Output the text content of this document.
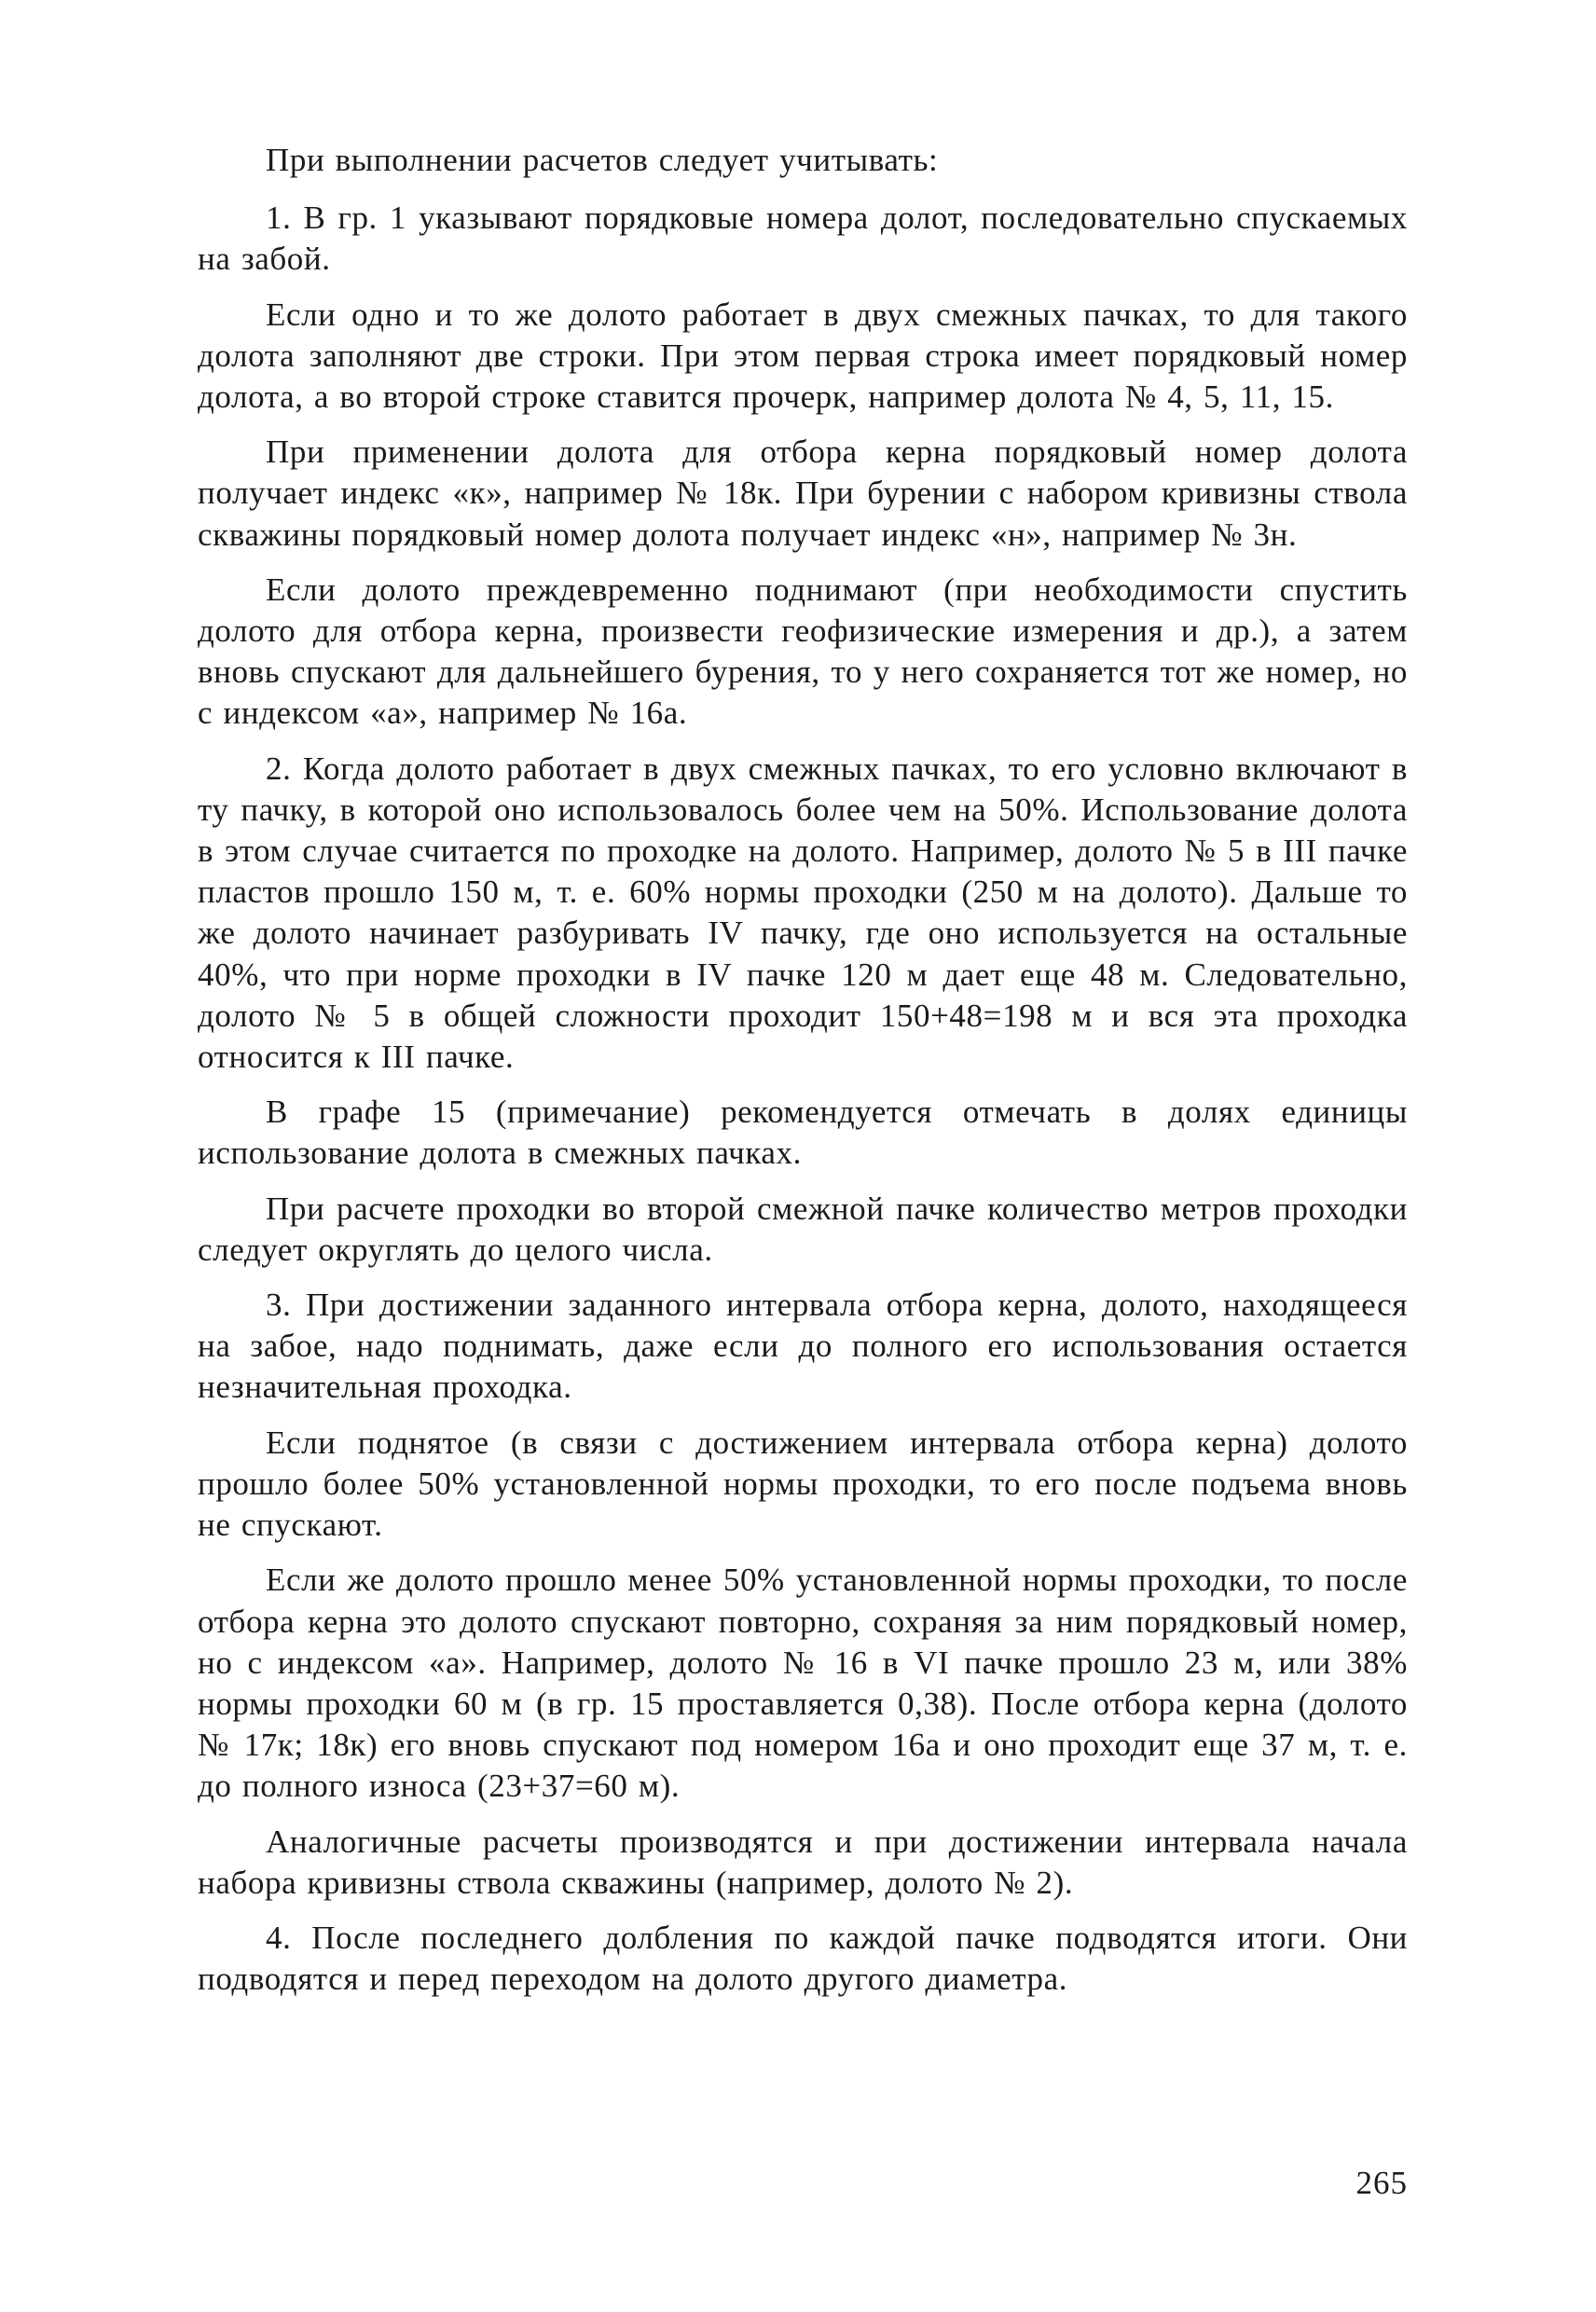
При выполнении расчетов следует учитывать:

1. В гр. 1 указывают порядковые номера долот, последовательно спускаемых на забой.

Если одно и то же долото работает в двух смежных пачках, то для такого долота заполняют две строки. При этом первая строка имеет порядковый номер долота, а во второй строке ставится прочерк, например долота № 4, 5, 11, 15.

При применении долота для отбора керна порядковый номер долота получает индекс «к», например № 18к. При бурении с набором кривизны ствола скважины порядковый номер долота получает индекс «н», например № 3н.

Если долото преждевременно поднимают (при необходимости спустить долото для отбора керна, произвести геофизические измерения и др.), а затем вновь спускают для дальнейшего бурения, то у него сохраняется тот же номер, но с индексом «а», например № 16а.

2. Когда долото работает в двух смежных пачках, то его условно включают в ту пачку, в которой оно использовалось более чем на 50%. Использование долота в этом случае считается по проходке на долото. Например, долото № 5 в III пачке пластов прошло 150 м, т. е. 60% нормы проходки (250 м на долото). Дальше то же долото начинает разбуривать IV пачку, где оно используется на остальные 40%, что при норме проходки в IV пачке 120 м дает еще 48 м. Следовательно, долото № 5 в общей сложности проходит 150+48=198 м и вся эта проходка относится к III пачке.

В графе 15 (примечание) рекомендуется отмечать в долях единицы использование долота в смежных пачках.

При расчете проходки во второй смежной пачке количество метров проходки следует округлять до целого числа.

3. При достижении заданного интервала отбора керна, долото, находящееся на забое, надо поднимать, даже если до полного его использования остается незначительная проходка.

Если поднятое (в связи с достижением интервала отбора керна) долото прошло более 50% установленной нормы проходки, то его после подъема вновь не спускают.

Если же долото прошло менее 50% установленной нормы проходки, то после отбора керна это долото спускают повторно, сохраняя за ним порядковый номер, но с индексом «а». Например, долото № 16 в VI пачке прошло 23 м, или 38% нормы проходки 60 м (в гр. 15 проставляется 0,38). После отбора керна (долото № 17к; 18к) его вновь спускают под номером 16а и оно проходит еще 37 м, т. е. до полного износа (23+37=60 м).

Аналогичные расчеты производятся и при достижении интервала начала набора кривизны ствола скважины (например, долото № 2).

4. После последнего долбления по каждой пачке подводятся итоги. Они подводятся и перед переходом на долото другого диаметра.

265
